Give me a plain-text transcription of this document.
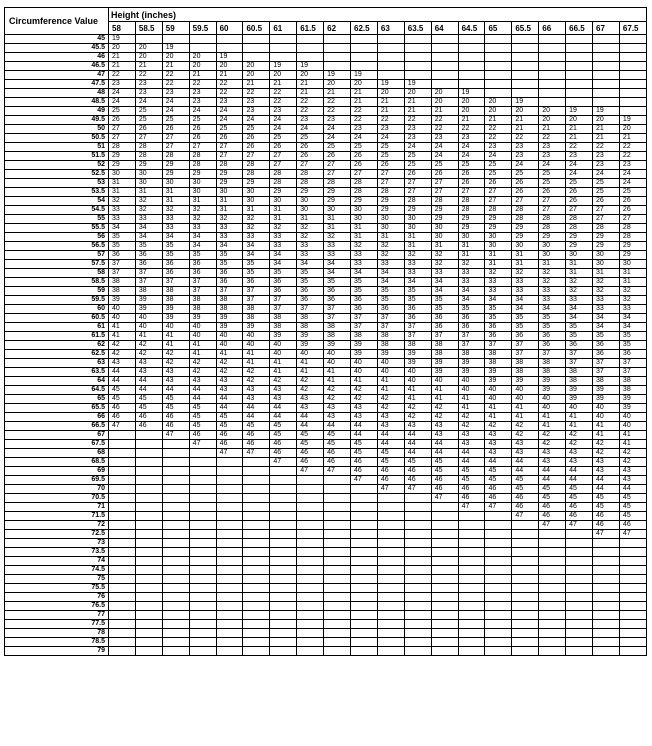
Circumference Value	Height (inches)																			
	58	58.5	59	59.5	60	60.5	61	61.5	62	62.5	63	63.5	64	64.5	65	65.5	66	66.5	67	67.5
45	19																			
45.5	20	20	19																	
46	21	20	20	20	19															
46.5	21	21	21	20	20	20	19	19												
47	22	22	22	21	21	20	20	20	19	19										
47.5	23	23	22	22	22	21	21	21	20	20	19	19								
48	24	23	23	23	22	22	22	21	21	21	20	20	20	19						
48.5	24	24	24	23	23	23	22	22	22	21	21	21	20	20	20	19				
49	25	25	24	24	24	23	23	22	22	22	21	21	21	20	20	20	20	19	19	
49.5	26	25	25	25	24	24	24	23	23	22	22	22	22	21	21	21	20	20	20	19
50	27	26	26	26	25	25	24	24	24	23	23	23	22	22	22	21	21	21	21	20
50.5	27	27	27	26	26	26	25	25	24	24	24	23	23	23	22	22	22	21	21	21
51	28	28	27	27	27	26	26	26	25	25	25	24	24	24	23	23	23	22	22	22
51.5	29	28	28	28	27	27	27	26	26	26	25	25	24	24	24	23	23	23	23	22
52	29	29	29	28	28	28	27	27	27	26	26	25	25	25	25	24	24	24	23	23
52.5	30	30	29	29	29	28	28	28	27	27	27	26	26	26	25	25	25	24	24	24
53	31	30	30	30	29	29	28	28	28	28	27	27	27	26	26	26	25	25	25	24
53.5	31	31	31	30	30	30	29	29	29	28	28	27	27	27	27	26	26	26	25	25
54	32	32	31	31	31	30	30	30	29	29	29	28	28	28	27	27	27	26	26	26
54.5	33	32	32	32	31	31	31	30	30	30	29	29	29	28	28	28	27	27	27	26
55	33	33	33	32	32	32	31	31	31	30	30	30	29	29	29	28	28	28	27	27
55.5	34	34	33	33	33	32	32	32	31	31	30	30	30	29	29	29	28	28	28	28
56	35	34	34	34	33	33	33	32	32	31	31	31	30	30	30	29	29	29	29	28
56.5	35	35	35	34	34	34	33	33	33	32	32	31	31	31	30	30	30	29	29	29
57	36	36	35	35	35	34	34	33	33	33	32	32	32	31	31	31	30	30	30	29
57.5	37	36	36	36	35	35	34	34	34	33	33	33	32	32	31	31	31	31	30	30
58	37	37	36	36	36	35	35	35	34	34	34	33	33	33	32	32	32	31	31	31
58.5	38	37	37	37	36	36	36	35	35	35	34	34	34	33	33	33	32	32	32	31
59	38	38	38	37	37	37	36	36	36	35	35	35	34	34	33	33	33	32	32	32
59.5	39	39	38	38	38	37	37	36	36	36	35	35	35	34	34	34	33	33	33	32
60	40	39	39	38	38	38	37	37	37	36	36	36	35	35	35	34	34	34	33	33
60.5	40	40	39	39	39	38	38	38	37	37	37	36	36	36	35	35	35	34	34	34
61	41	40	40	40	39	39	38	38	38	37	37	37	36	36	36	35	35	35	34	34
61.5	41	41	41	40	40	40	39	39	38	38	38	37	37	37	36	36	36	35	35	35
62	42	42	41	41	40	40	40	39	39	39	38	38	38	37	37	37	36	36	36	35
62.5	42	42	42	41	41	41	40	40	40	39	39	39	38	38	38	37	37	37	36	36
63	43	43	42	42	42	41	41	41	40	40	40	39	39	39	38	38	38	37	37	37
63.5	44	43	43	42	42	42	41	41	41	40	40	40	39	39	39	38	38	38	37	37
64	44	44	43	43	43	42	42	42	41	41	41	40	40	40	39	39	39	38	38	38
64.5	45	44	44	44	43	43	43	42	42	42	41	41	41	40	40	40	39	39	39	38
65	45	45	45	44	44	43	43	43	42	42	42	41	41	41	40	40	40	39	39	39
65.5	46	45	45	45	44	44	44	43	43	43	42	42	42	41	41	41	40	40	40	39
66	46	46	46	45	45	44	44	44	43	43	43	42	42	42	41	41	41	41	40	40
66.5	47	46	46	45	45	45	45	44	44	44	43	43	43	42	42	42	41	41	41	40
67			47	46	46	46	45	45	45	44	44	44	43	43	43	42	42	42	41	41
67.5				47	46	46	46	45	45	45	44	44	44	43	43	43	42	42	42	41
68					47	47	46	46	46	45	45	44	44	44	43	43	43	43	42	42
68.5							47	46	46	46	45	45	45	44	44	44	43	43	43	42
69								47	47	46	46	46	45	45	45	44	44	44	43	43
69.5										47	46	46	46	45	45	45	44	44	44	43
70											47	47	46	46	46	45	45	45	44	44
70.5													47	46	46	46	45	45	45	45
71														47	47	46	46	46	45	45
71.5																47	46	46	46	45
72																	47	47	46	46
72.5																			47	47
73																				
73.5																				
74																				
74.5																				
75																				
75.5																				
76																				
76.5																				
77																				
77.5																				
78																				
78.5																				
79																				
